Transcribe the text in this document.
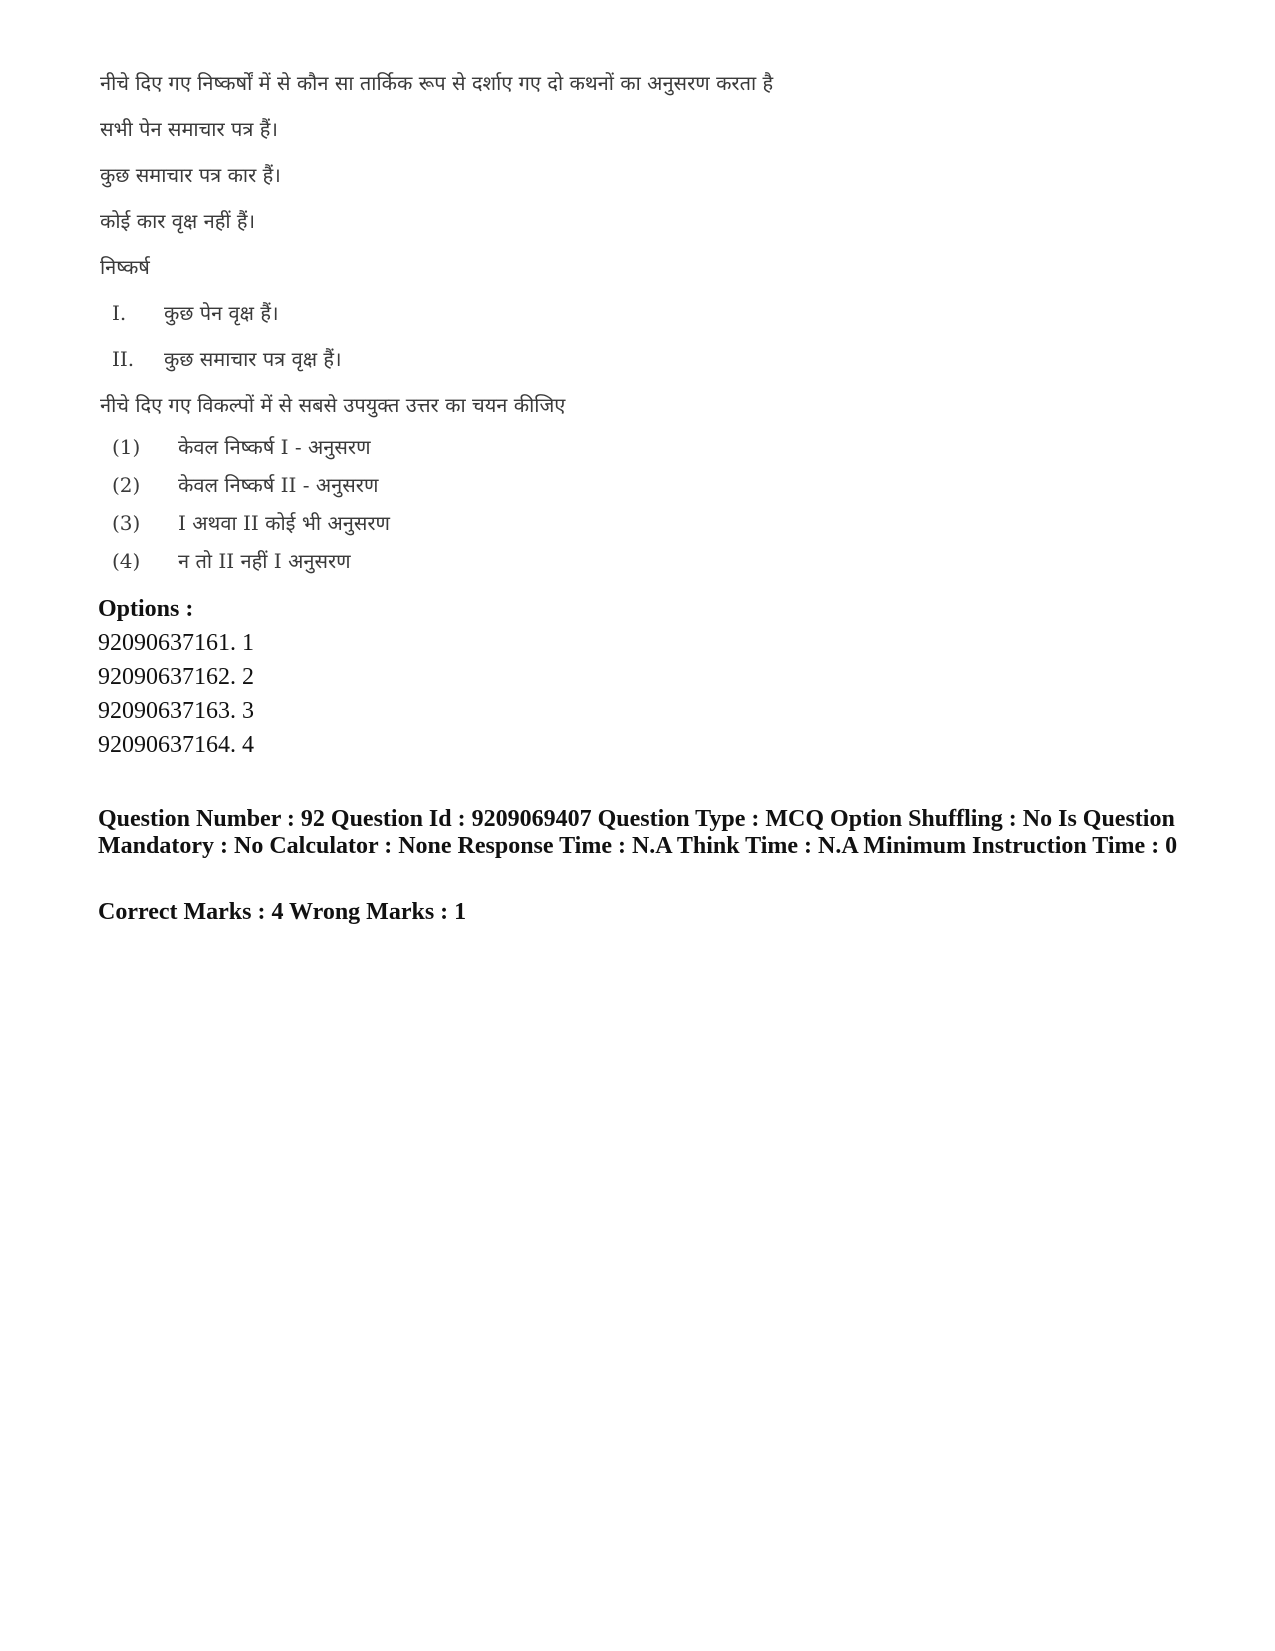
नीचे दिए गए निष्कर्षों में से कौन सा तार्किक रूप से दर्शाए गए दो कथनों का अनुसरण करता है
सभी पेन समाचार पत्र हैं।
कुछ समाचार पत्र कार हैं।
कोई कार वृक्ष नहीं हैं।
निष्कर्ष
I.	कुछ पेन वृक्ष हैं।
II.	कुछ समाचार पत्र वृक्ष हैं।
नीचे दिए गए विकल्पों में से सबसे उपयुक्त उत्तर का चयन कीजिए
(1)	केवल निष्कर्ष I - अनुसरण
(2)	केवल निष्कर्ष II - अनुसरण
(3)	I अथवा II कोई भी अनुसरण
(4)	न तो II नहीं I अनुसरण
Options :
92090637161. 1
92090637162. 2
92090637163. 3
92090637164. 4
Question Number : 92 Question Id : 9209069407 Question Type : MCQ Option Shuffling : No Is Question Mandatory : No Calculator : None Response Time : N.A Think Time : N.A Minimum Instruction Time : 0
Correct Marks : 4 Wrong Marks : 1
